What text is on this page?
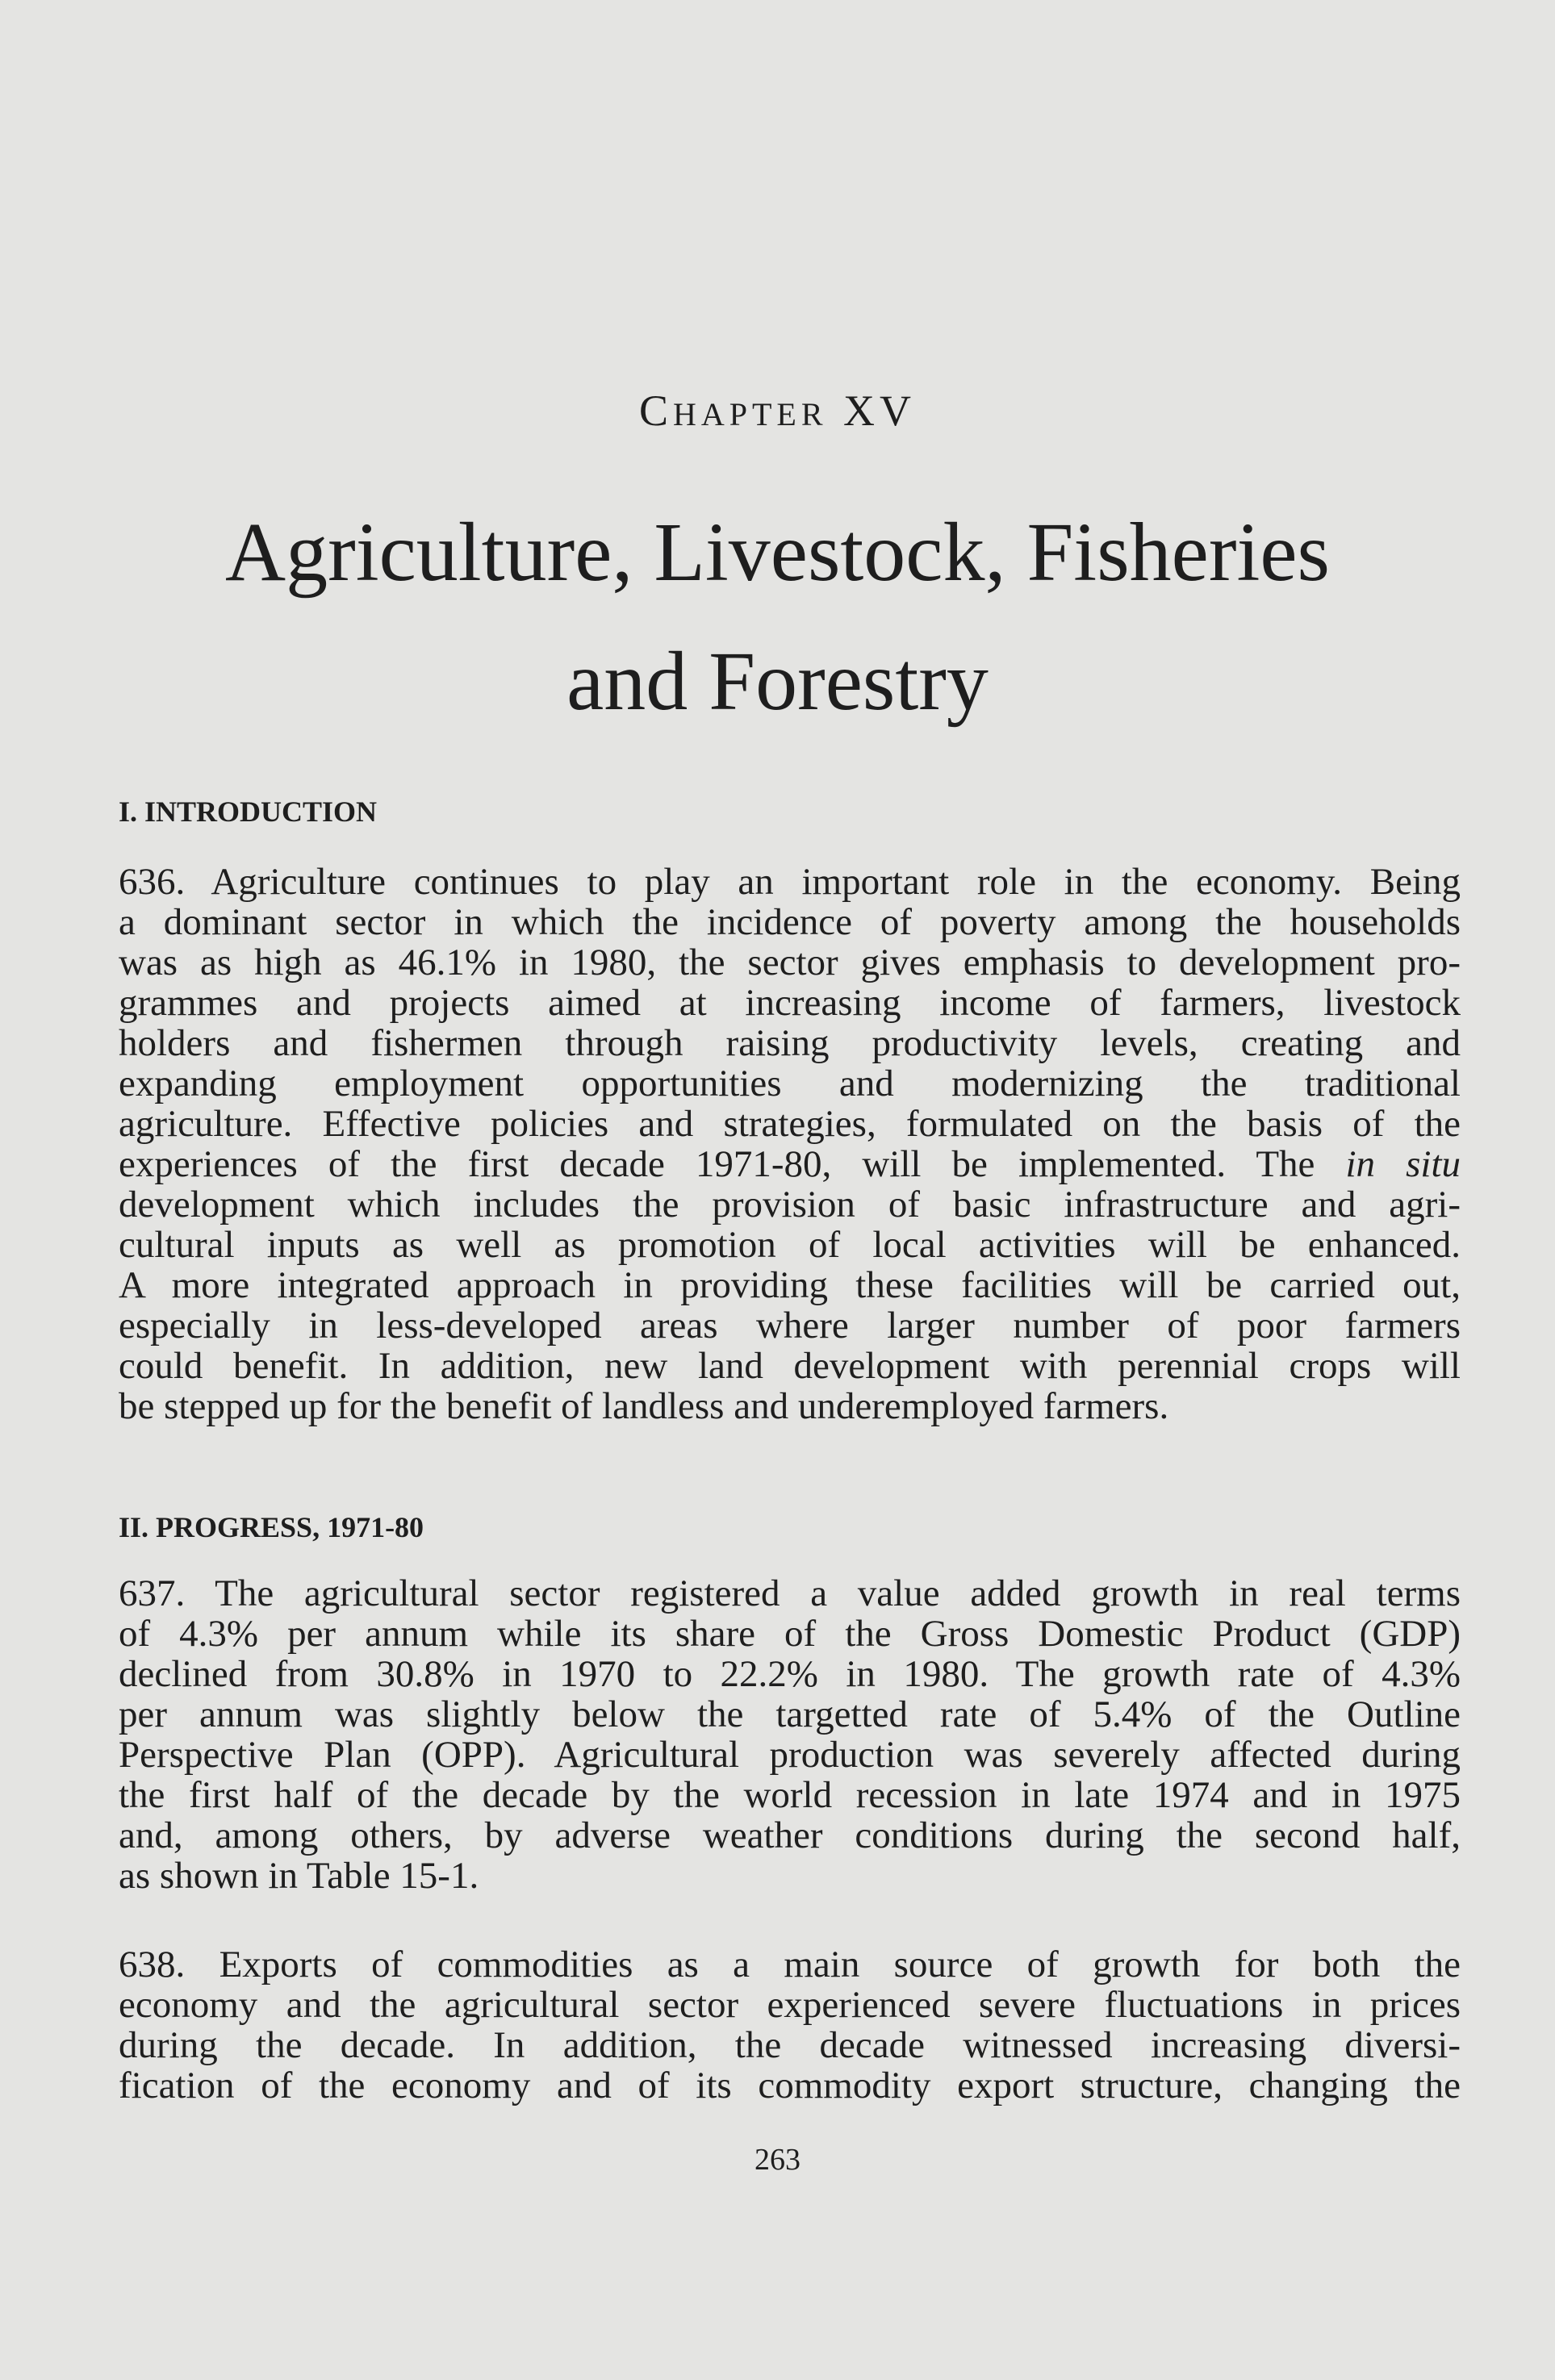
CHAPTER XV
Agriculture, Livestock, Fisheries
and Forestry
I. INTRODUCTION
636. Agriculture continues to play an important role in the economy. Being
a dominant sector in which the incidence of poverty among the households
was as high as 46.1% in 1980, the sector gives emphasis to development pro-
grammes and projects aimed at increasing income of farmers, livestock
holders and fishermen through raising productivity levels, creating and
expanding employment opportunities and modernizing the traditional
agriculture. Effective policies and strategies, formulated on the basis of the
experiences of the first decade 1971-80, will be implemented. The in situ
development which includes the provision of basic infrastructure and agri-
cultural inputs as well as promotion of local activities will be enhanced.
A more integrated approach in providing these facilities will be carried out,
especially in less-developed areas where larger number of poor farmers
could benefit. In addition, new land development with perennial crops will
be stepped up for the benefit of landless and underemployed farmers.
II. PROGRESS, 1971-80
637. The agricultural sector registered a value added growth in real terms
of 4.3% per annum while its share of the Gross Domestic Product (GDP)
declined from 30.8% in 1970 to 22.2% in 1980. The growth rate of 4.3%
per annum was slightly below the targetted rate of 5.4% of the Outline
Perspective Plan (OPP). Agricultural production was severely affected during
the first half of the decade by the world recession in late 1974 and in 1975
and, among others, by adverse weather conditions during the second half,
as shown in Table 15-1.
638. Exports of commodities as a main source of growth for both the
economy and the agricultural sector experienced severe fluctuations in prices
during the decade. In addition, the decade witnessed increasing diversi-
fication of the economy and of its commodity export structure, changing the
263
